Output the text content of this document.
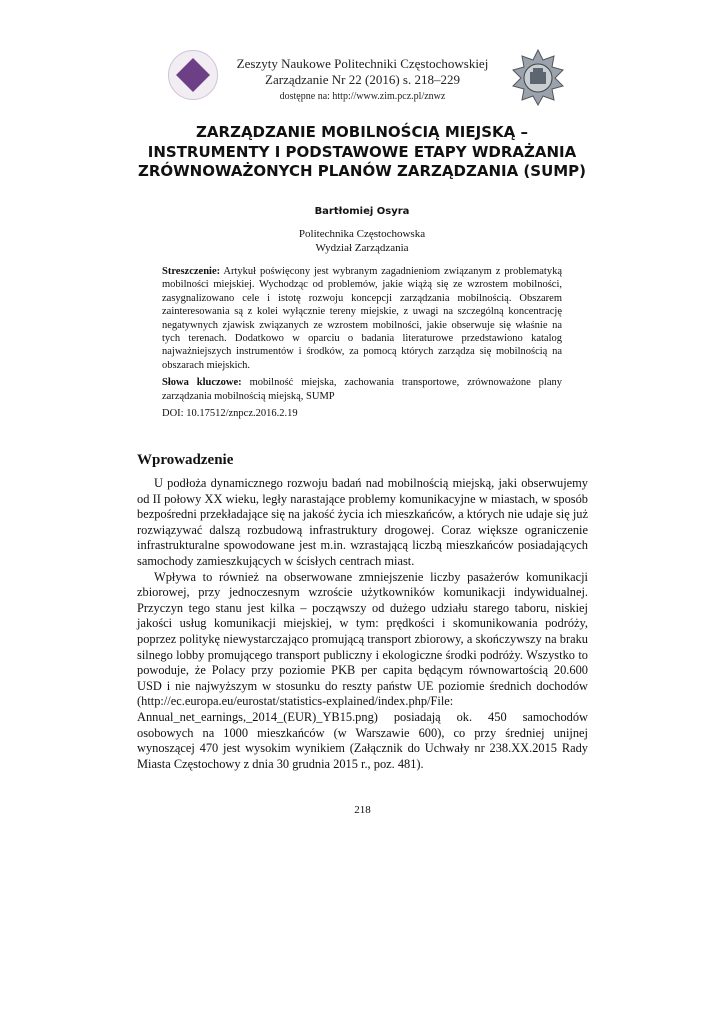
Zeszyty Naukowe Politechniki Częstochowskiej
Zarządzanie Nr 22 (2016) s. 218–229
dostępne na: http://www.zim.pcz.pl/znwz
ZARZĄDZANIE MOBILNOŚCIĄ MIEJSKĄ –
INSTRUMENTY I PODSTAWOWE ETAPY WDRAŻANIA
ZRÓWNOWAŻONYCH PLANÓW ZARZĄDZANIA (SUMP)
Bartłomiej Osyra
Politechnika Częstochowska
Wydział Zarządzania

Streszczenie: Artykuł poświęcony jest wybranym zagadnieniom związanym z problematyką mobilności miejskiej. Wychodząc od problemów, jakie wiążą się ze wzrostem mobilności, zasygnalizowano cele i istotę rozwoju koncepcji zarządzania mobilnością. Obszarem zainteresowania są z kolei wyłącznie tereny miejskie, z uwagi na szczególną koncentrację negatywnych zjawisk związanych ze wzrostem mobilności, jakie obserwuje się właśnie na tych terenach. Dodatkowo w oparciu o badania literaturowe przedstawiono katalog najważniejszych instrumentów i środków, za pomocą których zarządza się mobilnością na obszarach miejskich.

Słowa kluczowe: mobilność miejska, zachowania transportowe, zrównoważone plany zarządzania mobilnością miejską, SUMP

DOI: 10.17512/znpcz.2016.2.19

Wprowadzenie

U podłoża dynamicznego rozwoju badań nad mobilnością miejską, jaki obserwujemy od II połowy XX wieku, legły narastające problemy komunikacyjne w miastach, w sposób bezpośredni przekładające się na jakość życia ich mieszkańców, a których nie udaje się już rozwiązywać dalszą rozbudową infrastruktury drogowej. Coraz większe ograniczenie infrastrukturalne spowodowane jest m.in. wzrastającą liczbą mieszkańców posiadających samochody zamieszkujących w ścisłych centrach miast.

Wpływa to również na obserwowane zmniejszenie liczby pasażerów komunikacji zbiorowej, przy jednoczesnym wzroście użytkowników komunikacji indywidualnej. Przyczyn tego stanu jest kilka – począwszy od dużego udziału starego taboru, niskiej jakości usług komunikacji miejskiej, w tym: prędkości i skomunikowania podróży, poprzez politykę niewystarczająco promującą transport zbiorowy, a skończywszy na braku silnego lobby promującego transport publiczny i ekologiczne środki podróży. Wszystko to powoduje, że Polacy przy poziomie PKB per capita będącym równowartością 20.600 USD i nie najwyższym w stosunku do reszty państw UE poziomie średnich dochodów (http://ec.europa.eu/eurostat/statistics-explained/index.php/File: Annual_net_earnings,_2014_(EUR)_YB15.png) posiadają ok. 450 samochodów osobowych na 1000 mieszkańców (w Warszawie 600), co przy średniej unijnej wynoszącej 470 jest wysokim wynikiem (Załącznik do Uchwały nr 238.XX.2015 Rady Miasta Częstochowy z dnia 30 grudnia 2015 r., poz. 481).

218
